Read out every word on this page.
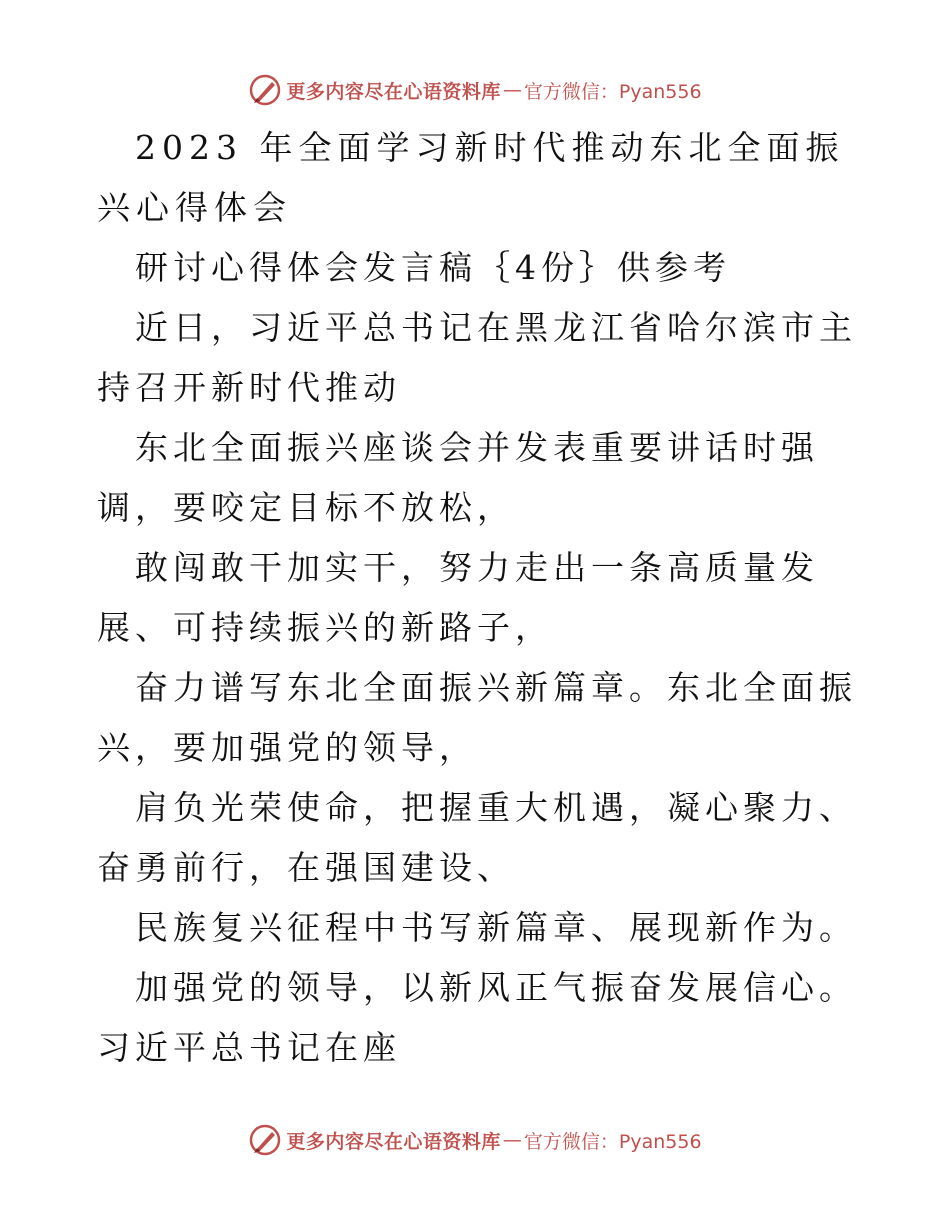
更多内容尽在心语资料库 — 官方微信：Pyan556

2023 年全面学习新时代推动东北全面振兴心得体会

研讨心得体会发言稿｛4份｝供参考

近日，习近平总书记在黑龙江省哈尔滨市主持召开新时代推动

东北全面振兴座谈会并发表重要讲话时强调，要咬定目标不放松，

敢闯敢干加实干，努力走出一条高质量发展、可持续振兴的新路子，

奋力谱写东北全面振兴新篇章。东北全面振兴，要加强党的领导，

肩负光荣使命，把握重大机遇，凝心聚力、奋勇前行，在强国建设、

民族复兴征程中书写新篇章、展现新作为。

加强党的领导，以新风正气振奋发展信心。习近平总书记在座

更多内容尽在心语资料库 — 官方微信：Pyan556
